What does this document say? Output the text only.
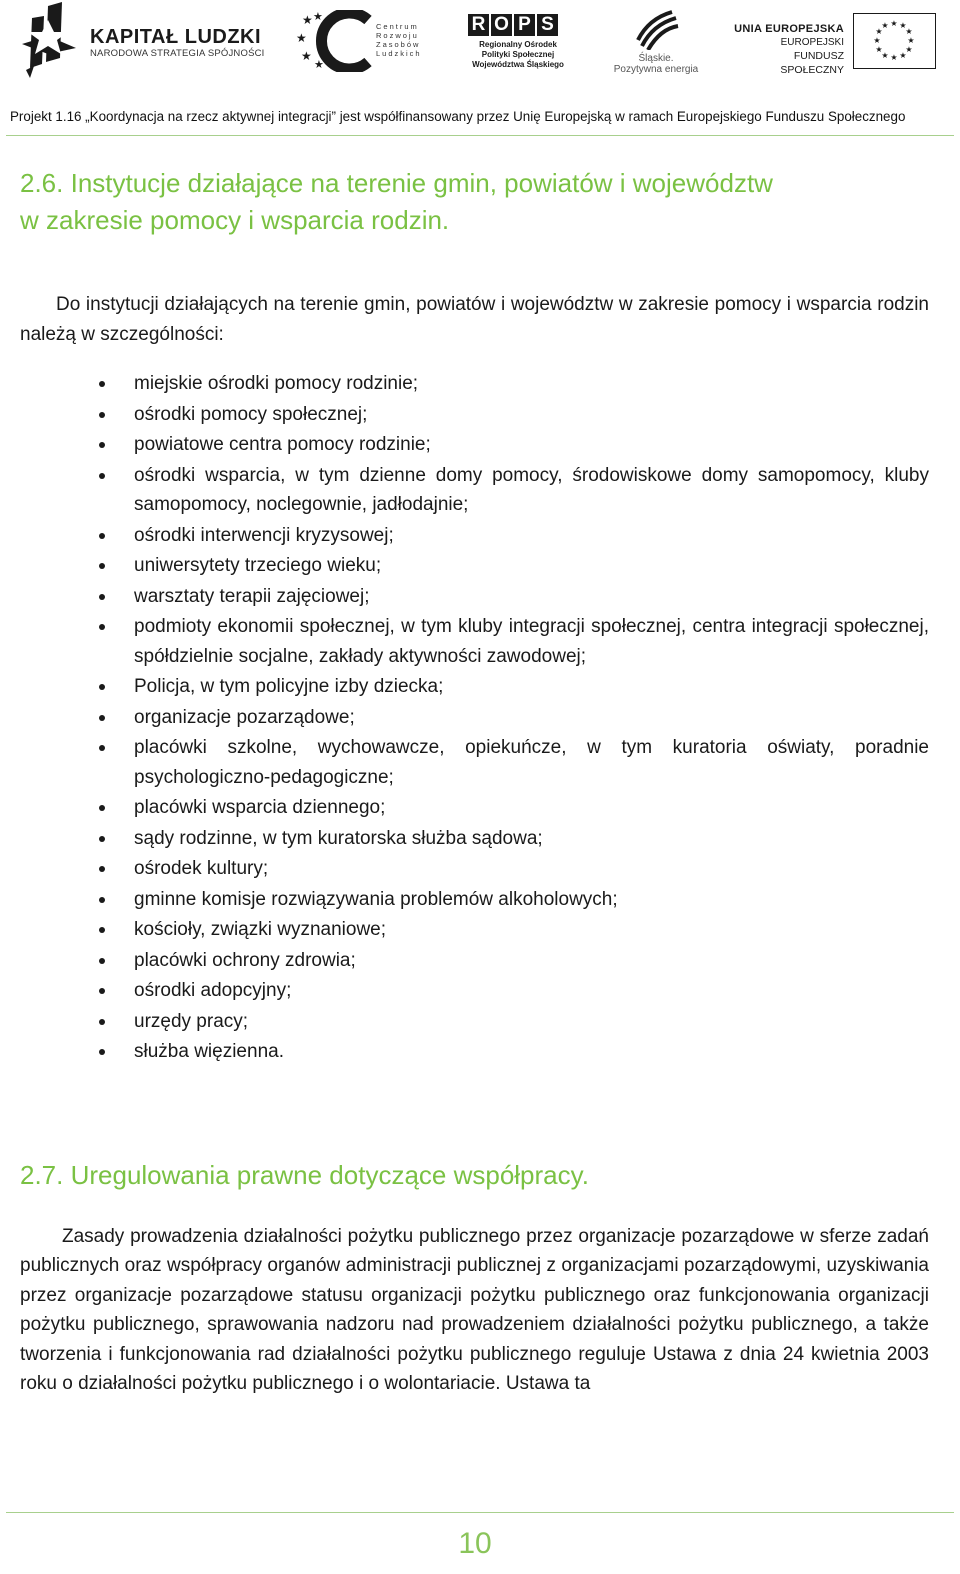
KAPITAŁ LUDZKI
NARODOWA STRATEGIA SPÓJNOŚCI
★ ★
★
★
★
Centrum
Rozwoju
Zasobów
Ludzkich
R O P S
Regionalny Ośrodek
Polityki Społecznej
Województwa Śląskiego
Śląskie.
Pozytywna energia
UNIA EUROPEJSKA
EUROPEJSKI
FUNDUSZ SPOŁECZNY
★ ★
★
★
★
★
★
★
★
★
★
★
Projekt 1.16 „Koordynacja na rzecz aktywnej integracji” jest współfinansowany przez Unię Europejską w ramach Europejskiego Funduszu Społecznego
2.6. Instytucje działające na terenie gmin, powiatów i województw
w zakresie pomocy i wsparcia rodzin.

Do instytucji działających na terenie gmin, powiatów i województw w zakresie pomocy i wsparcia rodzin należą w szczególności:

miejskie ośrodki pomocy rodzinie;
ośrodki pomocy społecznej;
powiatowe centra pomocy rodzinie;
ośrodki wsparcia, w tym dzienne domy pomocy, środowiskowe domy samopomocy, kluby samopomocy, noclegownie, jadłodajnie;
ośrodki interwencji kryzysowej;
uniwersytety trzeciego wieku;
warsztaty terapii zajęciowej;
podmioty ekonomii społecznej, w tym kluby integracji społecznej, centra integracji społecznej, spółdzielnie socjalne, zakłady aktywności zawodowej;
Policja, w tym policyjne izby dziecka;
organizacje pozarządowe;
placówki szkolne, wychowawcze, opiekuńcze, w tym kuratoria oświaty, poradnie psychologiczno-pedagogiczne;
placówki wsparcia dziennego;
sądy rodzinne, w tym kuratorska służba sądowa;
ośrodek kultury;
gminne komisje rozwiązywania problemów alkoholowych;
kościoły, związki wyznaniowe;
placówki ochrony zdrowia;
ośrodki adopcyjny;
urzędy pracy;
służba więzienna.
2.7. Uregulowania prawne dotyczące współpracy.

Zasady prowadzenia działalności pożytku publicznego przez organizacje pozarządowe w sferze zadań publicznych oraz współpracy organów administracji publicznej z organizacjami pozarządowymi, uzyskiwania przez organizacje pozarządowe statusu organizacji pożytku publicznego oraz funkcjonowania organizacji pożytku publicznego, sprawowania nadzoru nad prowadzeniem działalności pożytku publicznego, a także tworzenia i funkcjonowania rad działalności pożytku publicznego reguluje Ustawa z dnia 24 kwietnia 2003 roku o działalności pożytku publicznego i o wolontariacie. Ustawa ta

10
